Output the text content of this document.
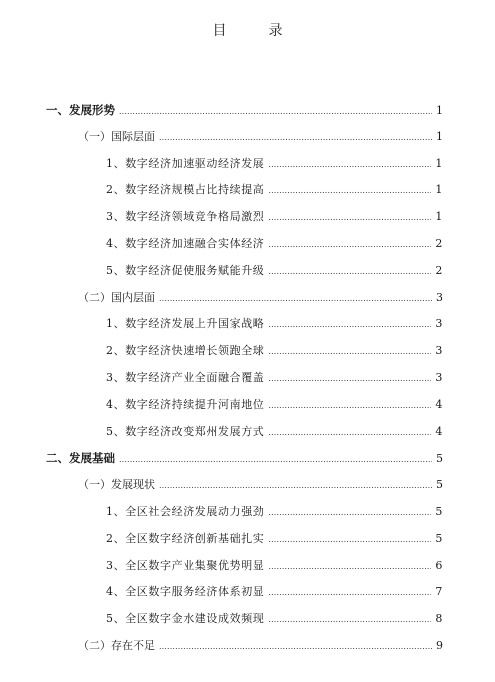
目　录
一、发展形势 . . .	1
（一）国际层面 . . .	1
1、数字经济加速驱动经济发展 . . .	1
2、数字经济规模占比持续提高 . . .	1
3、数字经济领域竞争格局激烈 . . .	1
4、数字经济加速融合实体经济 . . .	2
5、数字经济促使服务赋能升级 . . .	2
（二）国内层面 . . .	3
1、数字经济发展上升国家战略 . . .	3
2、数字经济快速增长领跑全球 . . .	3
3、数字经济产业全面融合覆盖 . . .	3
4、数字经济持续提升河南地位 . . .	4
5、数字经济改变郑州发展方式 . . .	4
二、发展基础 . . .	5
（一）发展现状 . . .	5
1、全区社会经济发展动力强劲 . . .	5
2、全区数字经济创新基础扎实 . . .	5
3、全区数字产业集聚优势明显 . . .	6
4、全区数字服务经济体系初显 . . .	7
5、全区数字金水建设成效频现 . . .	8
（二）存在不足 . . .	9
